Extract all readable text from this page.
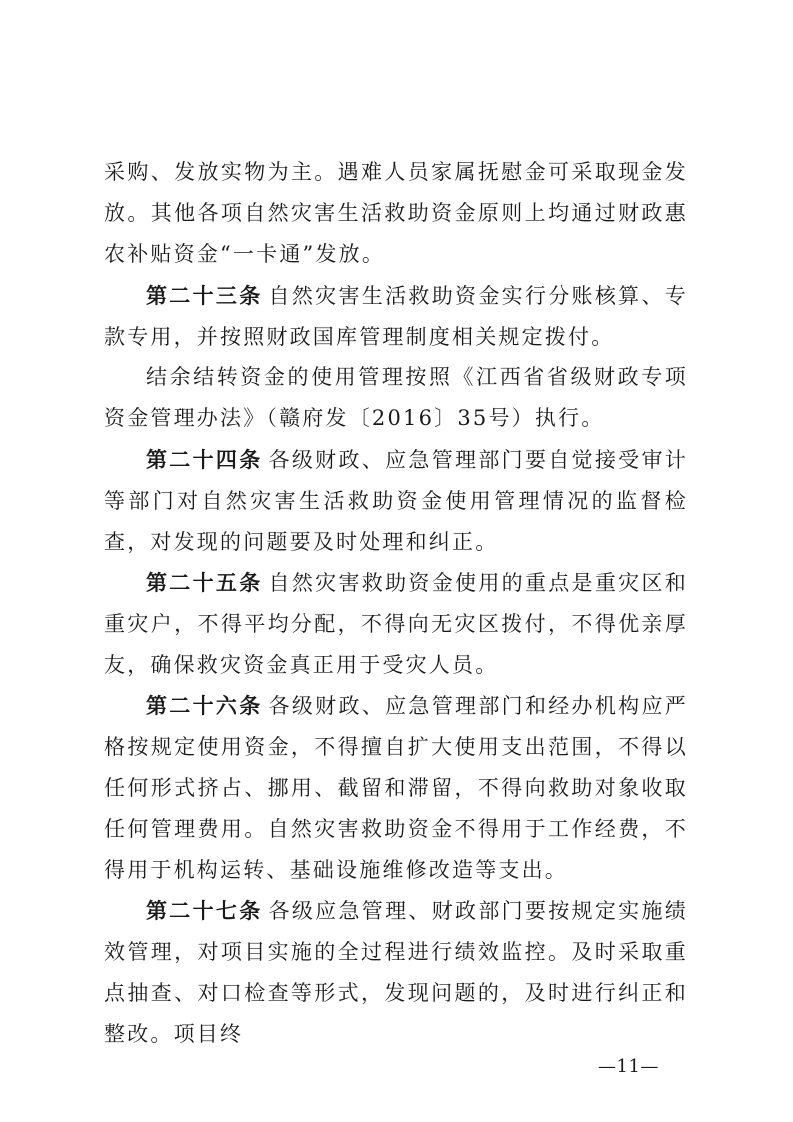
采购、发放实物为主。遇难人员家属抚慰金可采取现金发放。其他各项自然灾害生活救助资金原则上均通过财政惠农补贴资金“一卡通”发放。

第二十三条 自然灾害生活救助资金实行分账核算、专款专用，并按照财政国库管理制度相关规定拨付。

结余结转资金的使用管理按照《江西省省级财政专项资金管理办法》（赣府发〔2016〕35号）执行。

第二十四条 各级财政、应急管理部门要自觉接受审计等部门对自然灾害生活救助资金使用管理情况的监督检查，对发现的问题要及时处理和纠正。

第二十五条 自然灾害救助资金使用的重点是重灾区和重灾户，不得平均分配，不得向无灾区拨付，不得优亲厚友，确保救灾资金真正用于受灾人员。

第二十六条 各级财政、应急管理部门和经办机构应严格按规定使用资金，不得擅自扩大使用支出范围，不得以任何形式挤占、挪用、截留和滞留，不得向救助对象收取任何管理费用。自然灾害救助资金不得用于工作经费，不得用于机构运转、基础设施维修改造等支出。

第二十七条 各级应急管理、财政部门要按规定实施绩效管理，对项目实施的全过程进行绩效监控。及时采取重点抽查、对口检查等形式，发现问题的，及时进行纠正和整改。项目终

—11—
